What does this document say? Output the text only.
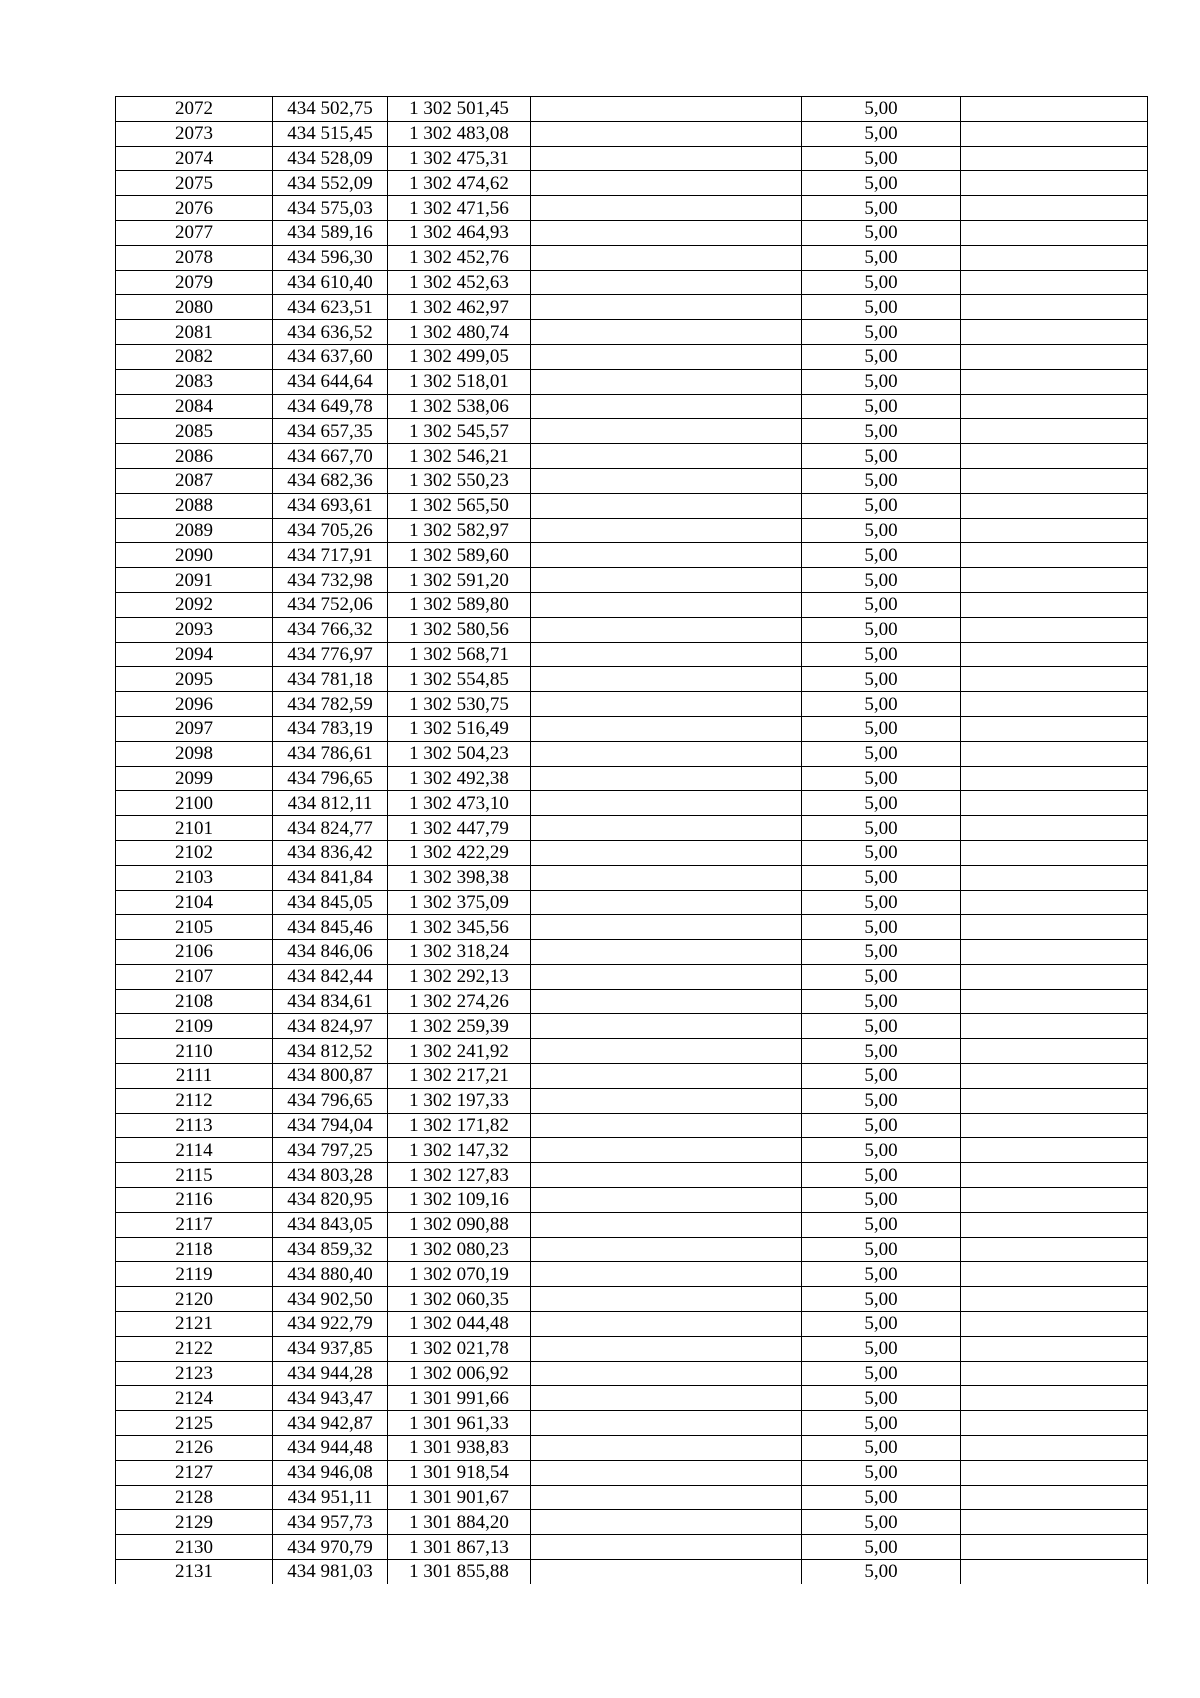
2072	434 502,75	1 302 501,45		5,00	
2073	434 515,45	1 302 483,08		5,00	
2074	434 528,09	1 302 475,31		5,00	
2075	434 552,09	1 302 474,62		5,00	
2076	434 575,03	1 302 471,56		5,00	
2077	434 589,16	1 302 464,93		5,00	
2078	434 596,30	1 302 452,76		5,00	
2079	434 610,40	1 302 452,63		5,00	
2080	434 623,51	1 302 462,97		5,00	
2081	434 636,52	1 302 480,74		5,00	
2082	434 637,60	1 302 499,05		5,00	
2083	434 644,64	1 302 518,01		5,00	
2084	434 649,78	1 302 538,06		5,00	
2085	434 657,35	1 302 545,57		5,00	
2086	434 667,70	1 302 546,21		5,00	
2087	434 682,36	1 302 550,23		5,00	
2088	434 693,61	1 302 565,50		5,00	
2089	434 705,26	1 302 582,97		5,00	
2090	434 717,91	1 302 589,60		5,00	
2091	434 732,98	1 302 591,20		5,00	
2092	434 752,06	1 302 589,80		5,00	
2093	434 766,32	1 302 580,56		5,00	
2094	434 776,97	1 302 568,71		5,00	
2095	434 781,18	1 302 554,85		5,00	
2096	434 782,59	1 302 530,75		5,00	
2097	434 783,19	1 302 516,49		5,00	
2098	434 786,61	1 302 504,23		5,00	
2099	434 796,65	1 302 492,38		5,00	
2100	434 812,11	1 302 473,10		5,00	
2101	434 824,77	1 302 447,79		5,00	
2102	434 836,42	1 302 422,29		5,00	
2103	434 841,84	1 302 398,38		5,00	
2104	434 845,05	1 302 375,09		5,00	
2105	434 845,46	1 302 345,56		5,00	
2106	434 846,06	1 302 318,24		5,00	
2107	434 842,44	1 302 292,13		5,00	
2108	434 834,61	1 302 274,26		5,00	
2109	434 824,97	1 302 259,39		5,00	
2110	434 812,52	1 302 241,92		5,00	
2111	434 800,87	1 302 217,21		5,00	
2112	434 796,65	1 302 197,33		5,00	
2113	434 794,04	1 302 171,82		5,00	
2114	434 797,25	1 302 147,32		5,00	
2115	434 803,28	1 302 127,83		5,00	
2116	434 820,95	1 302 109,16		5,00	
2117	434 843,05	1 302 090,88		5,00	
2118	434 859,32	1 302 080,23		5,00	
2119	434 880,40	1 302 070,19		5,00	
2120	434 902,50	1 302 060,35		5,00	
2121	434 922,79	1 302 044,48		5,00	
2122	434 937,85	1 302 021,78		5,00	
2123	434 944,28	1 302 006,92		5,00	
2124	434 943,47	1 301 991,66		5,00	
2125	434 942,87	1 301 961,33		5,00	
2126	434 944,48	1 301 938,83		5,00	
2127	434 946,08	1 301 918,54		5,00	
2128	434 951,11	1 301 901,67		5,00	
2129	434 957,73	1 301 884,20		5,00	
2130	434 970,79	1 301 867,13		5,00	
2131	434 981,03	1 301 855,88		5,00	
